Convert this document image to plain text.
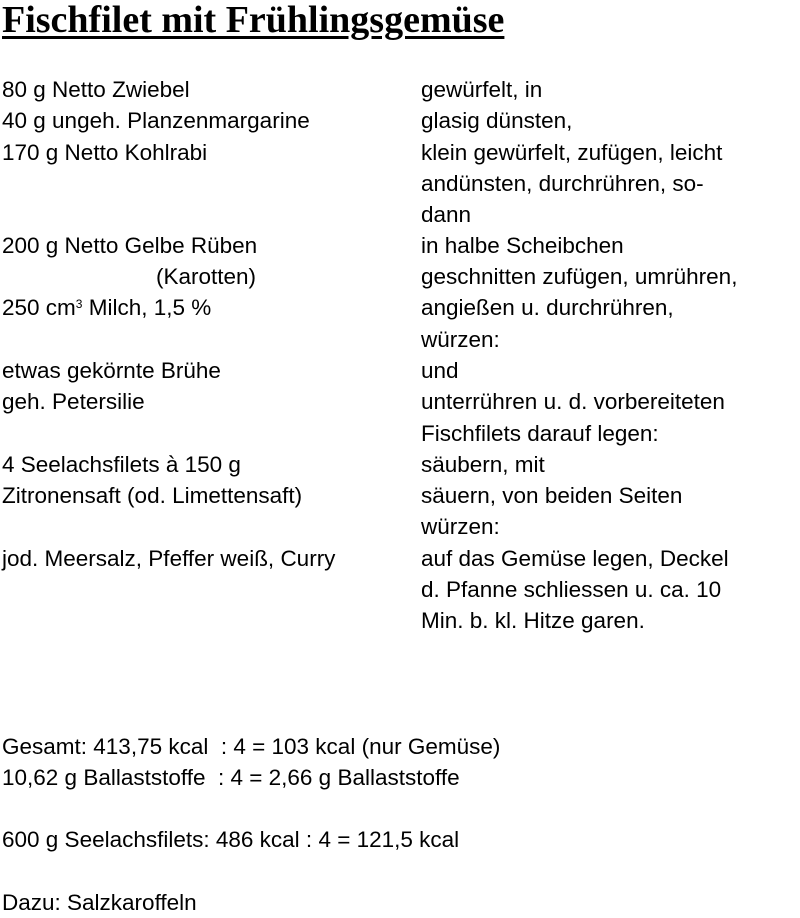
Fischfilet mit Frühlingsgemüse
80 g Netto Zwiebel
40 g ungeh. Planzenmargarine
170 g Netto Kohlrabi
200 g Netto Gelbe Rüben
(Karotten)
250 $cm^3$ Milch, 1,5 %
etwas gekörnte Brühe
geh. Petersilie
4 Seelachsfilets à 150 g
Zitronensaft (od. Limettensaft)
jod. Meersalz, Pfeffer weiß, Curry
gewürfelt, in
glasig dünsten,
klein gewürfelt, zufügen, leicht
andünsten, durchrühren, so-
dann
in halbe Scheibchen
geschnitten zufügen, umrühren,
angießen u. durchrühren,
würzen:
und
unterrühren u. d. vorbereiteten
Fischfilets darauf legen:
säubern, mit
säuern, von beiden Seiten
würzen:
auf das Gemüse legen, Deckel
d. Pfanne schliessen u. ca. 10
Min. b. kl. Hitze garen.
Gesamt: 413,75 kcal  : 4 = 103 kcal (nur Gemüse)
10,62 g Ballaststoffe  : 4 = 2,66 g Ballaststoffe
600 g Seelachsfilets: 486 kcal : 4 = 121,5 kcal
Dazu: Salzkaroffeln
